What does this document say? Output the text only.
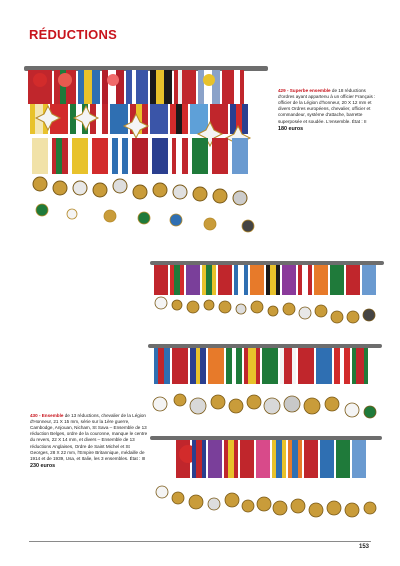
RÉDUCTIONS

429 - Superbe ensemble de 18 réductions d'ordres ayant appartenu à un officier Français : officier de la Légion d'honneur, 20 X 12 mm et divers Ordres européens, chevalier, officier et commandeur, système d'attache, barrette superposée et soudée. L'ensemble. État : II
180 euros

430 - Ensemble de 13 réductions, chevalier de la Légion d'Honneur, 21 X 15 mm, série sur la 1ère guerre, Cambodge, Anjouan, Nicham, St Sava – Ensemble de 13 réduction Belges, ordre de la couronne, manque le centre du revers, 22 X 14 mm, et divers – Ensemble de 13 réductions Anglaises, Ordre de Saint Michel et St Georges, 28 X 22 mm, l'Empire Britannique, médaille de 1914 et de 1939, Usa, et Italie, les 3 ensembles. État : III
230 euros

153
